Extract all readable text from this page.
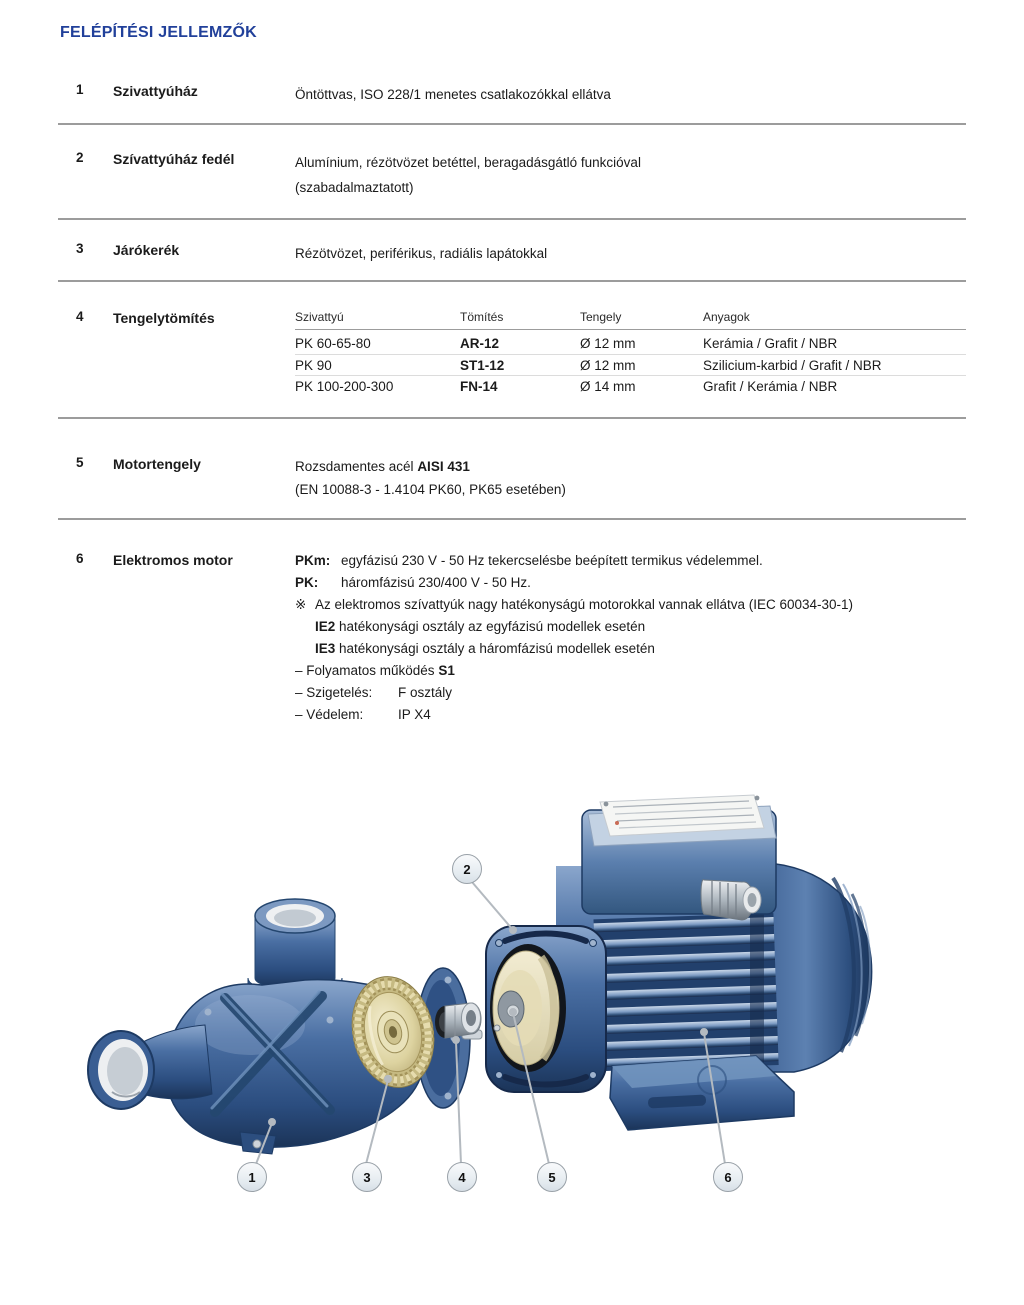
FELÉPÍTÉSI JELLEMZŐK
1	Szivattyúház	Öntöttvas, ISO 228/1 menetes csatlakozókkal ellátva
2	Szívattyúház fedél	Alumínium, rézötvözet betéttel, beragadásgátló funkcióval
(szabadalmaztatott)
3	Járókerék	Rézötvözet, periférikus, radiális lapátokkal
4	Tengelytömítés	Szivattyú	Tömítés	Tengely	Anyagok
PK 60-65-80	AR-12	Ø 12 mm	Kerámia / Grafit / NBR
PK 90	ST1-12	Ø 12 mm	Szilicium-karbid / Grafit / NBR
PK 100-200-300	FN-14	Ø 14 mm	Grafit / Kerámia / NBR
5	Motortengely	Rozsdamentes acél AISI 431
(EN 10088-3 - 1.4104 PK60, PK65 esetében)
6	Elektromos motor	PKm: egyfázisú 230 V - 50 Hz tekercselésbe beépített termikus védelemmel.
PK: háromfázisú 230/400 V - 50 Hz.
※ Az elektromos szívattyúk nagy hatékonyságú motorokkal vannak ellátva (IEC 60034-30-1)
IE2 hatékonysági osztály az egyfázisú modellek esetén
IE3 hatékonysági osztály a háromfázisú modellek esetén
– Folyamatos működés S1
– Szigetelés: F osztály
– Védelem:	IP X4
1
2
3	4	5	6
